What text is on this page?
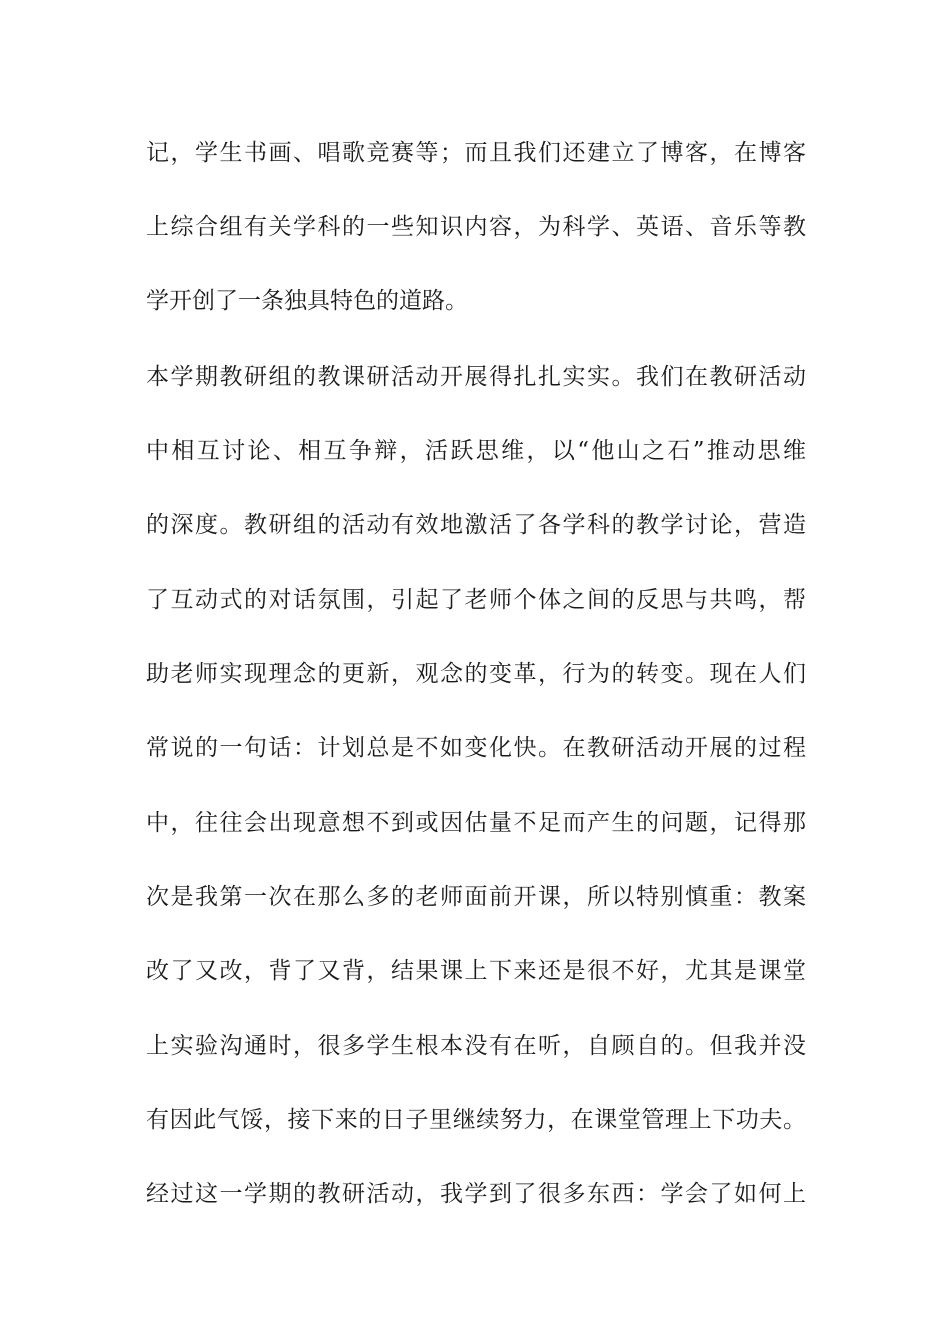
记，学生书画、唱歌竞赛等；而且我们还建立了博客，在博客
上综合组有关学科的一些知识内容，为科学、英语、音乐等教
学开创了一条独具特色的道路。
本学期教研组的教课研活动开展得扎扎实实。我们在教研活动
中相互讨论、相互争辩，活跃思维，以“他山之石”推动思维
的深度。教研组的活动有效地激活了各学科的教学讨论，营造
了互动式的对话氛围，引起了老师个体之间的反思与共鸣，帮
助老师实现理念的更新，观念的变革，行为的转变。现在人们
常说的一句话：计划总是不如变化快。在教研活动开展的过程
中，往往会出现意想不到或因估量不足而产生的问题，记得那
次是我第一次在那么多的老师面前开课，所以特别慎重：教案
改了又改，背了又背，结果课上下来还是很不好，尤其是课堂
上实验沟通时，很多学生根本没有在听，自顾自的。但我并没
有因此气馁，接下来的日子里继续努力，在课堂管理上下功夫。
经过这一学期的教研活动，我学到了很多东西：学会了如何上
